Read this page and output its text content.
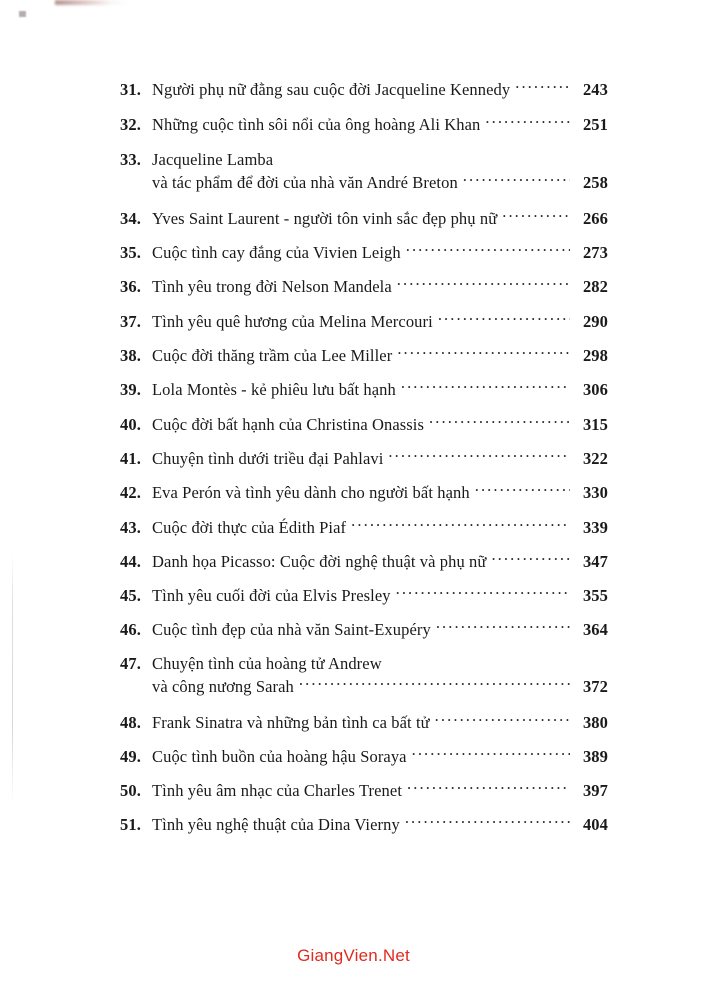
31. Người phụ nữ đằng sau cuộc đời Jacqueline Kennedy .....	243
32. Những cuộc tình sôi nổi của ông hoàng Ali Khan .....	251
33. Jacqueline Lamba
và tác phẩm để đời của nhà văn André Breton .....	258
34. Yves Saint Laurent - người tôn vinh sắc đẹp phụ nữ .....	266
35. Cuộc tình cay đắng của Vivien Leigh .....	273
36. Tình yêu trong đời Nelson Mandela .....	282
37. Tình yêu quê hương của Melina Mercouri .....	290
38. Cuộc đời thăng trầm của Lee Miller .....	298
39. Lola Montès - kẻ phiêu lưu bất hạnh .....	306
40. Cuộc đời bất hạnh của Christina Onassis .....	315
41. Chuyện tình dưới triều đại Pahlavi .....	322
42. Eva Perón và tình yêu dành cho người bất hạnh .....	330
43. Cuộc đời thực của Édith Piaf .....	339
44. Danh họa Picasso: Cuộc đời nghệ thuật và phụ nữ .....	347
45. Tình yêu cuối đời của Elvis Presley .....	355
46. Cuộc tình đẹp của nhà văn Saint-Exupéry .....	364
47. Chuyện tình của hoàng tử Andrew
và công nương Sarah .....	372
48. Frank Sinatra và những bản tình ca bất tử .....	380
49. Cuộc tình buồn của hoàng hậu Soraya .....	389
50. Tình yêu âm nhạc của Charles Trenet .....	397
51. Tình yêu nghệ thuật của Dina Vierny .....	404
GiangVien.Net
